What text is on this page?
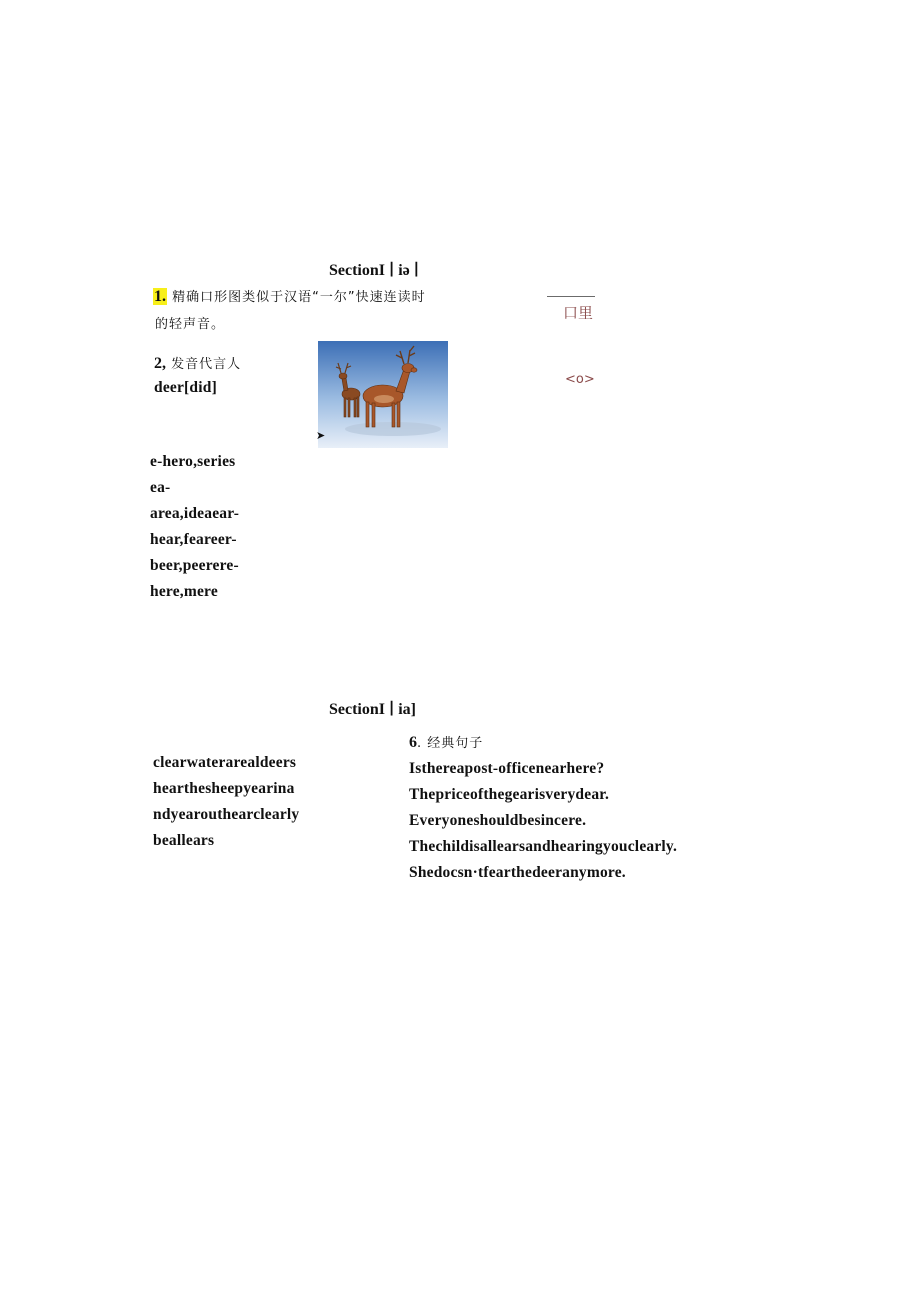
SectionI ∣ iə ∣
1. 精确口形图类似于汉语“一尔”快速连读时
的轻声音。
2, 发音代言人
deer[did]
口里
<o>
➤
e-hero,series
ea-
area,ideaear-
hear,feareer-
beer,peerere-
here,mere
SectionI ∣ ia]
clearwaterarealdeers
heartheshеepyearina
ndyearouthearclearly
beallears
6. 经典句子
Isthereapost-officenearhere?
Thepriceofthegearisverydear.
Everyoneshouldbesincere.
Thechildisallearsandhearingyouclearly.
Shedocsn·tfearthedeeranymore.
